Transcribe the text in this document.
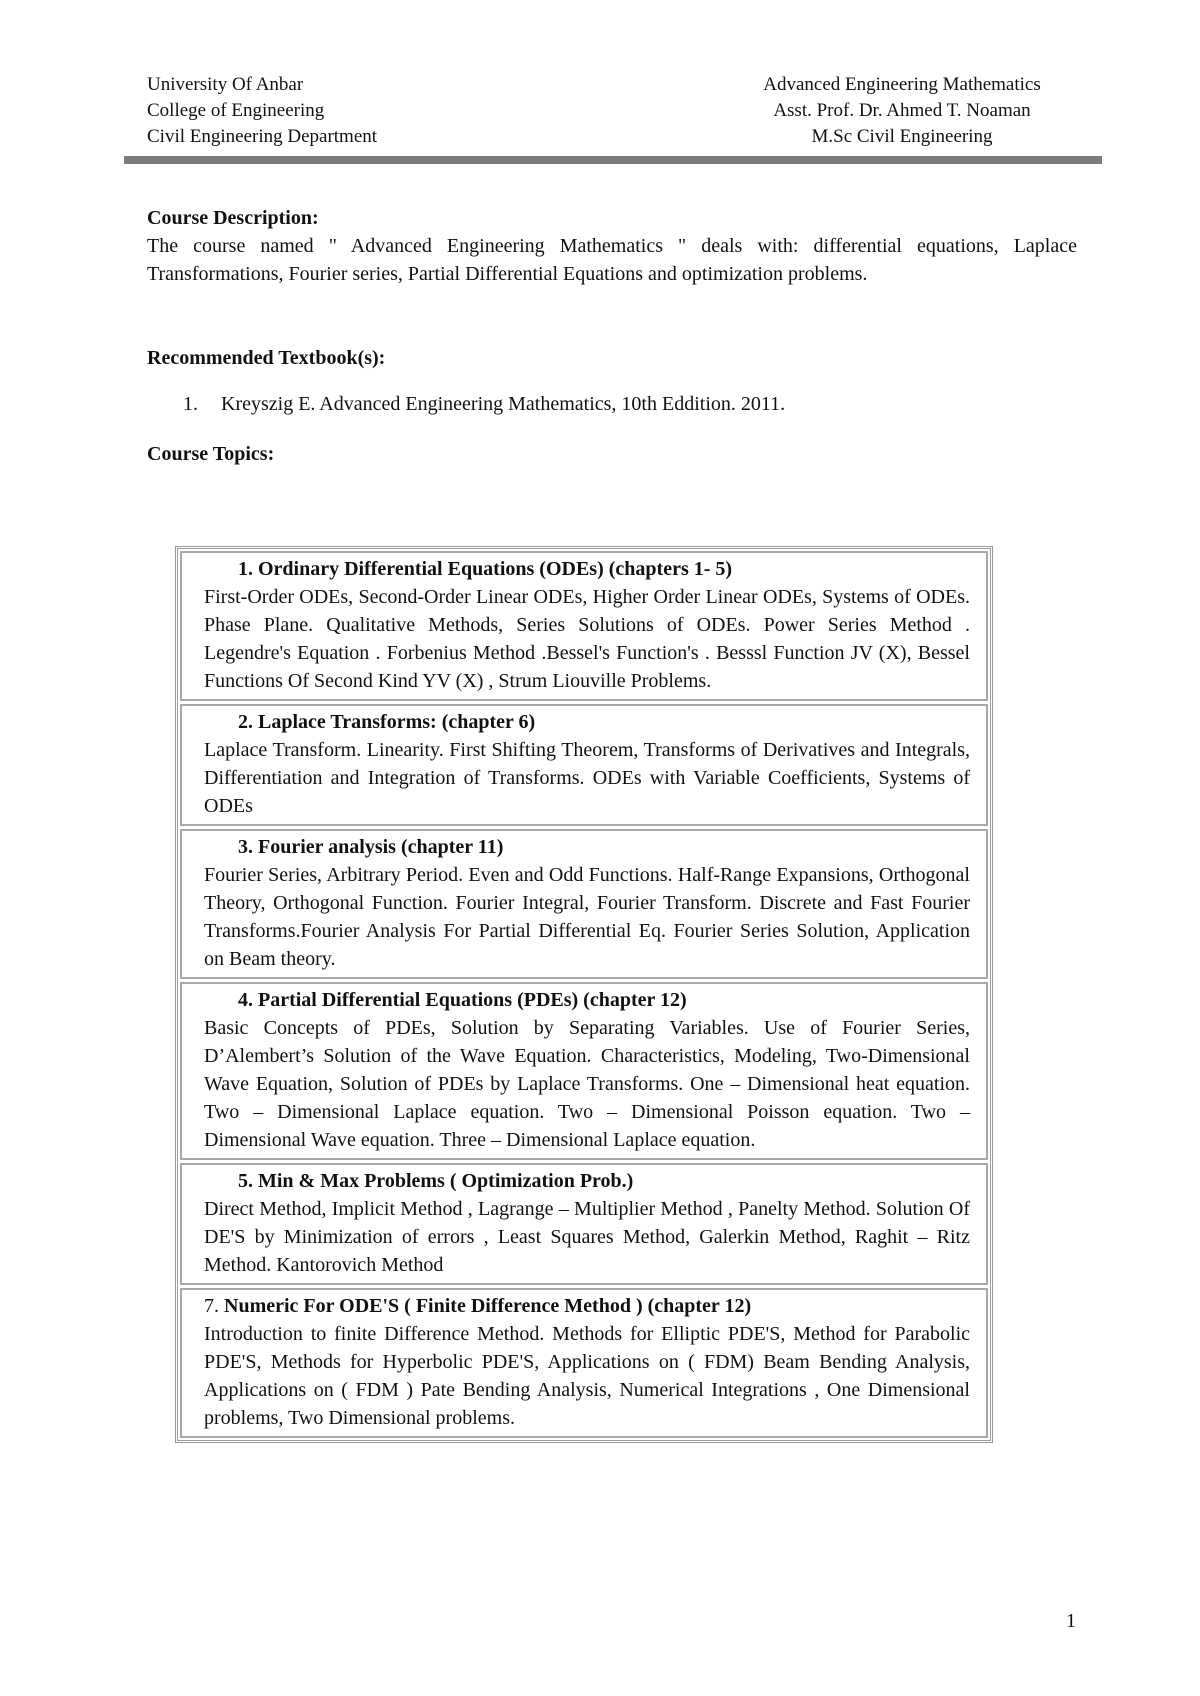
University Of Anbar	Advanced Engineering Mathematics
College of Engineering	Asst. Prof. Dr. Ahmed T. Noaman
Civil Engineering Department	M.Sc Civil Engineering
Course Description:
The course named " Advanced Engineering Mathematics " deals with: differential equations, Laplace Transformations, Fourier series, Partial Differential Equations and optimization problems.
Recommended Textbook(s):
1.	Kreyszig E. Advanced Engineering Mathematics, 10th Eddition. 2011.
Course Topics:
1. Ordinary Differential Equations (ODEs) (chapters 1- 5)
First-Order ODEs, Second-Order Linear ODEs, Higher Order Linear ODEs, Systems of ODEs. Phase Plane. Qualitative Methods, Series Solutions of ODEs. Power Series Method . Legendre's Equation . Forbenius Method .Bessel's Function's . Besssl Function JV (X), Bessel Functions Of Second Kind YV (X) , Strum Liouville Problems.
2. Laplace Transforms: (chapter 6)
Laplace Transform. Linearity. First Shifting Theorem, Transforms of Derivatives and Integrals, Differentiation and Integration of Transforms. ODEs with Variable Coefficients, Systems of ODEs
3. Fourier analysis (chapter 11)
Fourier Series, Arbitrary Period. Even and Odd Functions. Half-Range Expansions, Orthogonal Theory, Orthogonal Function. Fourier Integral, Fourier Transform. Discrete and Fast Fourier Transforms.Fourier Analysis For Partial Differential Eq. Fourier Series Solution, Application on Beam theory.
4. Partial Differential Equations (PDEs) (chapter 12)
Basic Concepts of PDEs, Solution by Separating Variables. Use of Fourier Series, D’Alembert’s Solution of the Wave Equation. Characteristics, Modeling, Two-Dimensional Wave Equation, Solution of PDEs by Laplace Transforms. One – Dimensional heat equation. Two – Dimensional Laplace equation. Two – Dimensional Poisson equation. Two – Dimensional Wave equation. Three – Dimensional Laplace equation.
5. Min & Max Problems ( Optimization Prob.)
Direct Method, Implicit Method , Lagrange – Multiplier Method , Panelty Method. Solution Of DE'S by Minimization of errors , Least Squares Method, Galerkin Method, Raghit – Ritz Method. Kantorovich Method
7. Numeric For ODE'S ( Finite Difference Method ) (chapter 12)
Introduction to finite Difference Method. Methods for Elliptic PDE'S, Method for Parabolic PDE'S, Methods for Hyperbolic PDE'S, Applications on ( FDM) Beam Bending Analysis, Applications on ( FDM ) Pate Bending Analysis, Numerical Integrations , One Dimensional problems, Two Dimensional problems.
1
